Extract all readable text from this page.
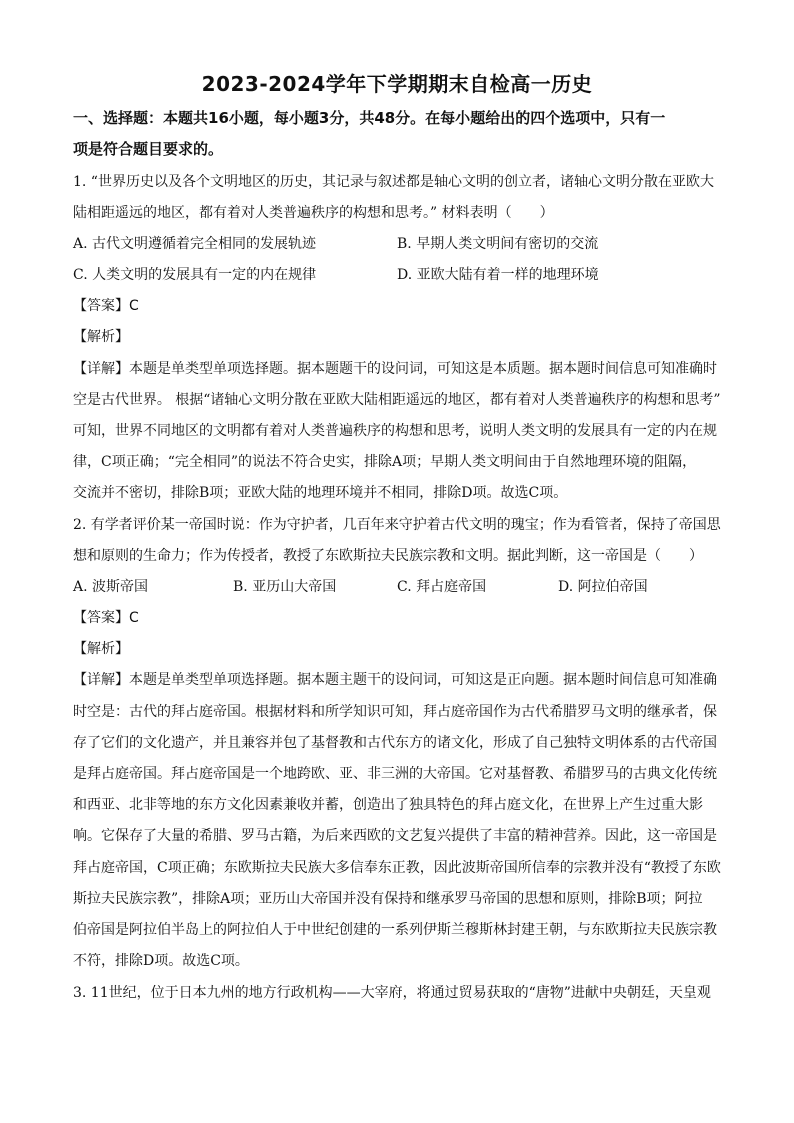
2023-2024学年下学期期末自检高一历史
一、选择题：本题共16小题，每小题3分，共48分。在每小题给出的四个选项中，只有一
项是符合题目要求的。
1. “世界历史以及各个文明地区的历史，其记录与叙述都是轴心文明的创立者，诸轴心文明分散在亚欧大
陆相距遥远的地区，都有着对人类普遍秩序的构想和思考。” 材料表明（　　）
A. 古代文明遵循着完全相同的发展轨迹	B. 早期人类文明间有密切的交流
C. 人类文明的发展具有一定的内在规律	D. 亚欧大陆有着一样的地理环境
【答案】C
【解析】
【详解】本题是单类型单项选择题。据本题题干的设问词，可知这是本质题。据本题时间信息可知准确时
空是古代世界。 根据“诸轴心文明分散在亚欧大陆相距遥远的地区，都有着对人类普遍秩序的构想和思考”
可知，世界不同地区的文明都有着对人类普遍秩序的构想和思考，说明人类文明的发展具有一定的内在规
律，C项正确；“完全相同”的说法不符合史实，排除A项；早期人类文明间由于自然地理环境的阻隔，
交流并不密切，排除B项；亚欧大陆的地理环境并不相同，排除D项。故选C项。
2. 有学者评价某一帝国时说：作为守护者，几百年来守护着古代文明的瑰宝；作为看管者，保持了帝国思
想和原则的生命力；作为传授者，教授了东欧斯拉夫民族宗教和文明。据此判断，这一帝国是（　　）
A. 波斯帝国	B. 亚历山大帝国	C. 拜占庭帝国	D. 阿拉伯帝国
【答案】C
【解析】
【详解】本题是单类型单项选择题。据本题主题干的设问词，可知这是正向题。据本题时间信息可知准确
时空是：古代的拜占庭帝国。根据材料和所学知识可知，拜占庭帝国作为古代希腊罗马文明的继承者，保
存了它们的文化遗产，并且兼容并包了基督教和古代东方的诸文化，形成了自己独特文明体系的古代帝国
是拜占庭帝国。拜占庭帝国是一个地跨欧、亚、非三洲的大帝国。它对基督教、希腊罗马的古典文化传统
和西亚、北非等地的东方文化因素兼收并蓄，创造出了独具特色的拜占庭文化，在世界上产生过重大影
响。它保存了大量的希腊、罗马古籍，为后来西欧的文艺复兴提供了丰富的精神营养。因此，这一帝国是
拜占庭帝国，C项正确；东欧斯拉夫民族大多信奉东正教，因此波斯帝国所信奉的宗教并没有“教授了东欧
斯拉夫民族宗教”，排除A项；亚历山大帝国并没有保持和继承罗马帝国的思想和原则，排除B项；阿拉
伯帝国是阿拉伯半岛上的阿拉伯人于中世纪创建的一系列伊斯兰穆斯林封建王朝，与东欧斯拉夫民族宗教
不符，排除D项。故选C项。
3. 11世纪，位于日本九州的地方行政机构——大宰府，将通过贸易获取的“唐物”进献中央朝廷，天皇观
